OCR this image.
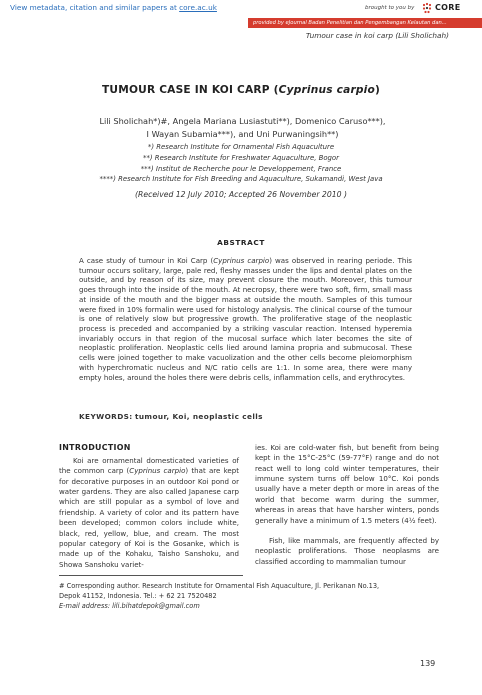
View metadata, citation and similar papers at core.ac.uk	brought to you by	CORE
provided by eJournal Badan Penelitian dan Pengembangan Kelautan dan...
Tumour case in koi carp (Lili Sholichah)
TUMOUR CASE IN KOI CARP (Cyprinus carpio)
Lili Sholichah*)#, Angela Mariana Lusiastuti**), Domenico Caruso***),
I Wayan Subamia***), and Uni Purwaningsih**)
*) Research Institute for Ornamental Fish Aquaculture
**) Research Institute for Freshwater Aquaculture, Bogor
***) Institut de Recherche pour le Developpement, France
****) Research Institute for Fish Breeding and Aquaculture, Sukamandi, West Java
(Received 12 July 2010; Accepted 26 November 2010 )
ABSTRACT
A case study of tumour in Koi Carp (Cyprinus carpio) was observed in rearing periode. This tumour occurs solitary, large, pale red, fleshy masses under the lips and dental plates on the outside, and by reason of its size, may prevent closure the mouth. Moreover, this tumour goes through into the inside of the mouth. At necropsy, there were two soft, firm, small mass at inside of the mouth and the bigger mass at outside the mouth. Samples of this tumour were fixed in 10% formalin were used for histology analysis. The clinical course of the tumour is one of relatively slow but progressive growth. The proliferative stage of the neoplastic process is preceded and accompanied by a striking vascular reaction. Intensed hyperemia invariably occurs in that region of the mucosal surface which later becomes the site of neoplastic proliferation. Neoplastic cells lied around lamina propria and submucosal. These cells were joined together to make vacuolization and the other cells become pleiomorphism with hyperchromatic nucleus and N/C ratio cells are 1:1. In some area, there were many empty holes, around the holes there were debris cells, inflammation cells, and erythrocytes.
KEYWORDS: tumour, Koi, neoplastic cells
INTRODUCTION
Koi are ornamental domesticated varieties of the common carp (Cyprinus carpio) that are kept for decorative purposes in an outdoor Koi pond or water gardens. They are also called Japanese carp which are still popular as a symbol of love and friendship. A variety of color and its pattern have been developed; common colors include white, black, red, yellow, blue, and cream. The most popular category of Koi is the Gosanke, which is made up of the Kohaku, Taisho Sanshoku, and Showa Sanshoku variet-
ies. Koi are cold-water fish, but benefit from being kept in the 15°C-25°C (59-77°F) range and do not react well to long cold winter temperatures, their immune system turns off below 10°C. Koi ponds usually have a meter depth or more in areas of the world that become warm during the summer, whereas in areas that have harsher winters, ponds generally have a minimum of 1.5 meters (4½ feet).
Fish, like mammals, are frequently affected by neoplastic proliferations. Those neoplasms are classified according to mammalian tumour
# Corresponding author. Research Institute for Ornamental Fish Aquaculture, Jl. Perikanan No.13,
Depok 41152, Indonesia. Tel.: + 62 21 7520482
E-mail address: lili.bihatdepok@gmail.com
139
